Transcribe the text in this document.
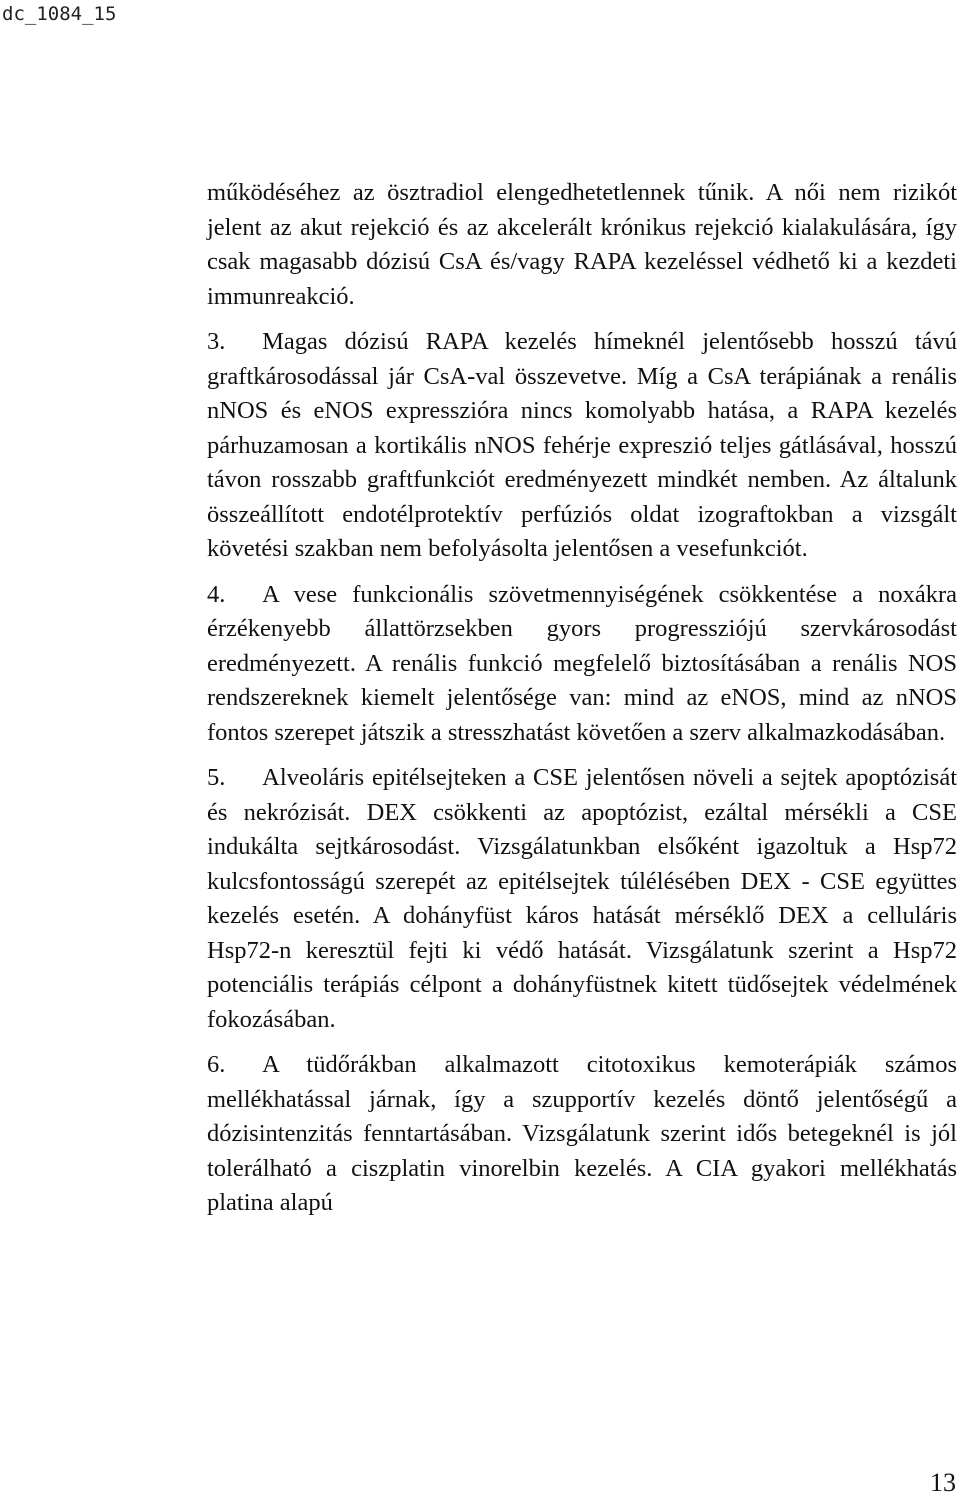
dc_1084_15

működéséhez az ösztradiol elengedhetetlennek tűnik. A női nem rizikót jelent az akut rejekció és az akcelerált krónikus rejekció kialakulására, így csak magasabb dózisú CsA és/vagy RAPA kezeléssel védhető ki a kezdeti immunreakció.

3.  Magas dózisú RAPA kezelés hímeknél jelentősebb hosszú távú graftkárosodással jár CsA-val összevetve. Míg a CsA terápiának a renális nNOS és eNOS expresszióra nincs komolyabb hatása, a RAPA kezelés párhuzamosan a kortikális nNOS fehérje expreszió teljes gátlásával, hosszú távon rosszabb graftfunkciót eredményezett mindkét nemben. Az általunk összeállított endotélprotektív perfúziós oldat izograftokban a vizsgált követési szakban nem befolyásolta jelentősen a vesefunkciót.

4.  A vese funkcionális szövetmennyiségének csökkentése a noxákra érzékenyebb állattörzsekben gyors progressziójú szervkárosodást eredményezett. A renális funkció megfelelő biztosításában a renális NOS rendszereknek kiemelt jelentősége van: mind az eNOS, mind az nNOS fontos szerepet játszik a stresszhatást követően a szerv alkalmazkodásában.

5.  Alveoláris epitélsejteken a CSE jelentősen növeli a sejtek apoptózisát és nekrózisát. DEX csökkenti az apoptózist, ezáltal mérsékli a CSE indukálta sejtkárosodást. Vizsgálatunkban elsőként igazoltuk a Hsp72 kulcsfontosságú szerepét az epitélsejtek túlélésében DEX - CSE együttes kezelés esetén. A dohányfüst káros hatását mérséklő DEX a celluláris Hsp72-n keresztül fejti ki védő hatását. Vizsgálatunk szerint a Hsp72 potenciális terápiás célpont a dohányfüstnek kitett tüdősejtek védelmének fokozásában.

6.  A tüdőrákban alkalmazott citotoxikus kemoterápiák számos mellékhatással járnak, így a szupportív kezelés döntő jelentőségű a dózisintenzitás fenntartásában. Vizsgálatunk szerint idős betegeknél is jól tolerálható a ciszplatin vinorelbin kezelés. A CIA gyakori mellékhatás platina alapú

13
